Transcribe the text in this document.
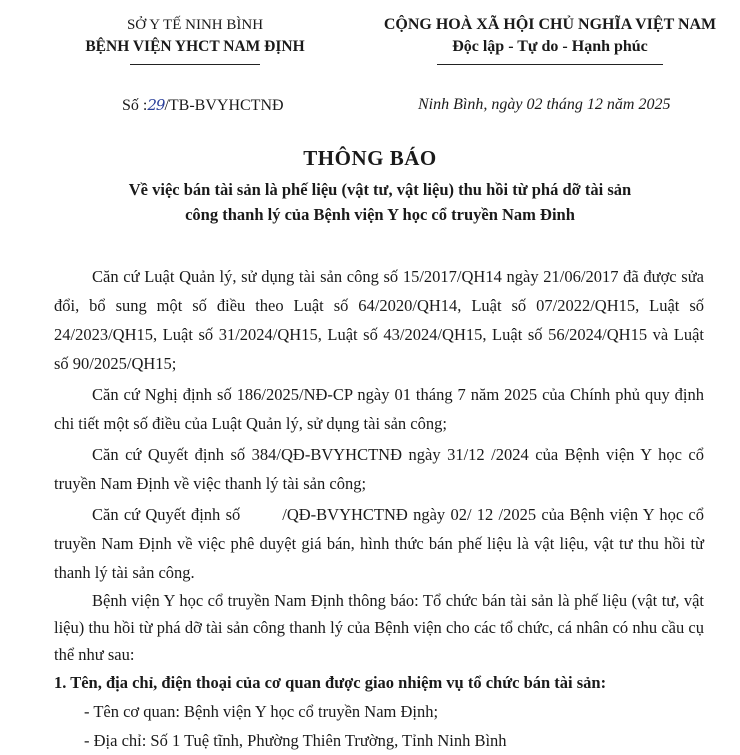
SỞ Y TẾ NINH BÌNH
BỆNH VIỆN YHCT NAM ĐỊNH
CỘNG HOÀ XÃ HỘI CHỦ NGHĨA VIỆT NAM
Độc lập - Tự do - Hạnh phúc
Số :29/TB-BVYHCTNĐ	Ninh Bình, ngày 02 tháng 12 năm 2025
THÔNG BÁO
Về việc bán tài sản là phế liệu (vật tư, vật liệu) thu hồi từ phá dỡ tài sản
công thanh lý của Bệnh viện Y học cổ truyền Nam Đinh

Căn cứ Luật Quản lý, sử dụng tài sản công số 15/2017/QH14 ngày 21/06/2017 đã được sửa đổi, bổ sung một số điều theo Luật số 64/2020/QH14, Luật số 07/2022/QH15, Luật số 24/2023/QH15, Luật số 31/2024/QH15, Luật số 43/2024/QH15, Luật số 56/2024/QH15 và Luật số 90/2025/QH15;

Căn cứ Nghị định số 186/2025/NĐ-CP ngày 01 tháng 7 năm 2025 của Chính phủ quy định chi tiết một số điều của Luật Quản lý, sử dụng tài sản công;

Căn cứ Quyết định số 384/QĐ-BVYHCTNĐ ngày 31/12 /2024 của Bệnh viện Y học cổ truyền Nam Định về việc thanh lý tài sản công;

Căn cứ Quyết định số	/QĐ-BVYHCTNĐ ngày 02/ 12 /2025 của Bệnh viện Y học cổ truyền Nam Định về việc phê duyệt giá bán, hình thức bán phế liệu là vật liệu, vật tư thu hồi từ thanh lý tài sản công.

Bệnh viện Y học cổ truyền Nam Định thông báo: Tổ chức bán tài sản là phế liệu (vật tư, vật liệu) thu hồi từ phá dỡ tài sản công thanh lý của Bệnh viện cho các tổ chức, cá nhân có nhu cầu cụ thể như sau:

1. Tên, địa chỉ, điện thoại của cơ quan được giao nhiệm vụ tổ chức bán tài sản:

- Tên cơ quan: Bệnh viện Y học cổ truyền Nam Định;

- Địa chỉ: Số 1 Tuệ tĩnh, Phường Thiên Trường, Tỉnh Ninh Bình
